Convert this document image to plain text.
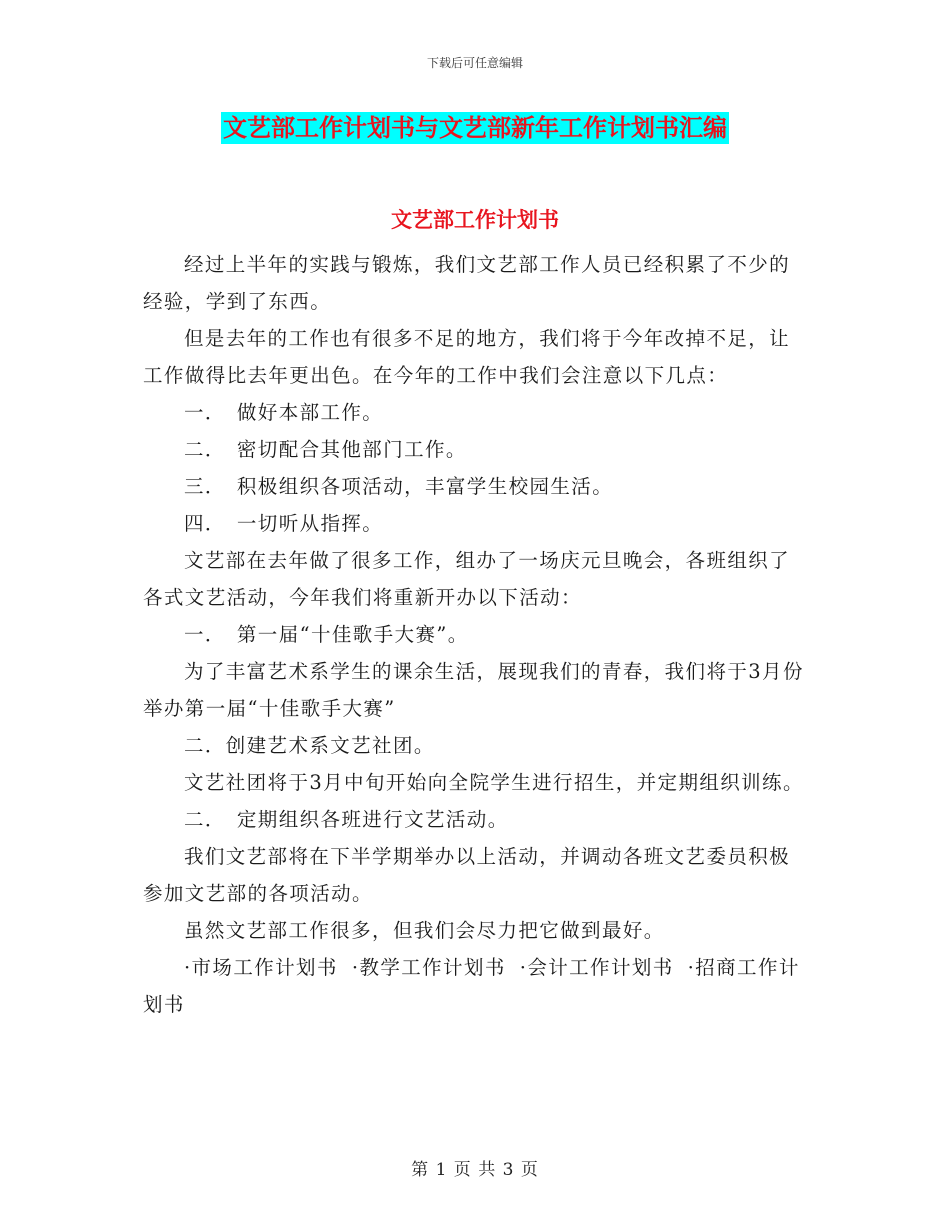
下载后可任意编辑
文艺部工作计划书与文艺部新年工作计划书汇编
文艺部工作计划书

经过上半年的实践与锻炼，我们文艺部工作人员已经积累了不少的经验，学到了东西。

但是去年的工作也有很多不足的地方，我们将于今年改掉不足，让工作做得比去年更出色。在今年的工作中我们会注意以下几点：

一．　做好本部工作。

二．　密切配合其他部门工作。

三．　积极组织各项活动，丰富学生校园生活。

四．　一切听从指挥。

文艺部在去年做了很多工作，组办了一场庆元旦晚会，各班组织了各式文艺活动，今年我们将重新开办以下活动：

一．　第一届“十佳歌手大赛”。

为了丰富艺术系学生的课余生活，展现我们的青春，我们将于3月份举办第一届“十佳歌手大赛”

二．创建艺术系文艺社团。

文艺社团将于3月中旬开始向全院学生进行招生，并定期组织训练。

二．　定期组织各班进行文艺活动。

我们文艺部将在下半学期举办以上活动，并调动各班文艺委员积极参加文艺部的各项活动。

虽然文艺部工作很多，但我们会尽力把它做到最好。

·市场工作计划书 ·教学工作计划书 ·会计工作计划书 ·招商工作计划书

第 1 页 共 3 页
